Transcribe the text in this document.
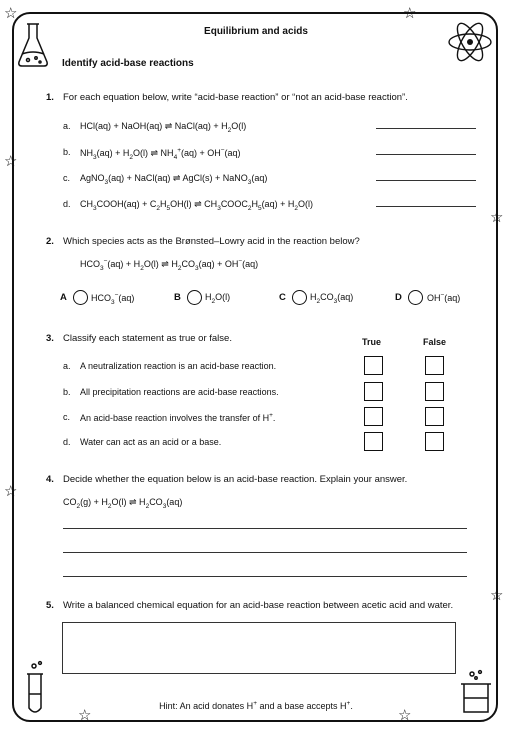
☆	☆
☆
☆
☆
☆
☆	☆
Equilibrium and acids
Identify acid-base reactions
1. For each equation below, write “acid-base reaction” or “not an acid-base reaction”.
a. HCl(aq) + NaOH(aq) ⇌ NaCl(aq) + $H_2O(l)$
b. $NH_3(aq) + H_2O(l)$ ⇌ $NH_4^+(aq) + OH^-(aq)$
c. AgNO$_3$(aq) + NaCl(aq) ⇌ AgCl(s) + NaNO$_3$(aq)
d. $CH_3COOH(aq) + C_2H_5OH(l)$ ⇌ $CH_3COOC_2H_5(aq) + H_2O(l)$
2. Which species acts as the Brønsted–Lowry acid in the reaction below?
$HCO_3^-(aq) + H_2O(l)$ ⇌ $H_2CO_3(aq) + OH^-(aq)$
A	$HCO_3^-(aq)$	B	$H_2O(l)$	C	$H_2CO_3(aq)$	D	OH−(aq)
3. Classify each statement as true or false.	True	False
a. A neutralization reaction is an acid-base reaction.
b. All precipitation reactions are acid-base reactions.
c. An acid-base reaction involves the transfer of H+.
d. Water can act as an acid or a base.
4. Decide whether the equation below is an acid-base reaction. Explain your answer.
$CO_2(g) + H_2O(l)$ ⇌ $H_2CO_3(aq)$
5. Write a balanced chemical equation for an acid-base reaction between acetic acid and water.
Hint: An acid donates H+ and a base accepts H+.
